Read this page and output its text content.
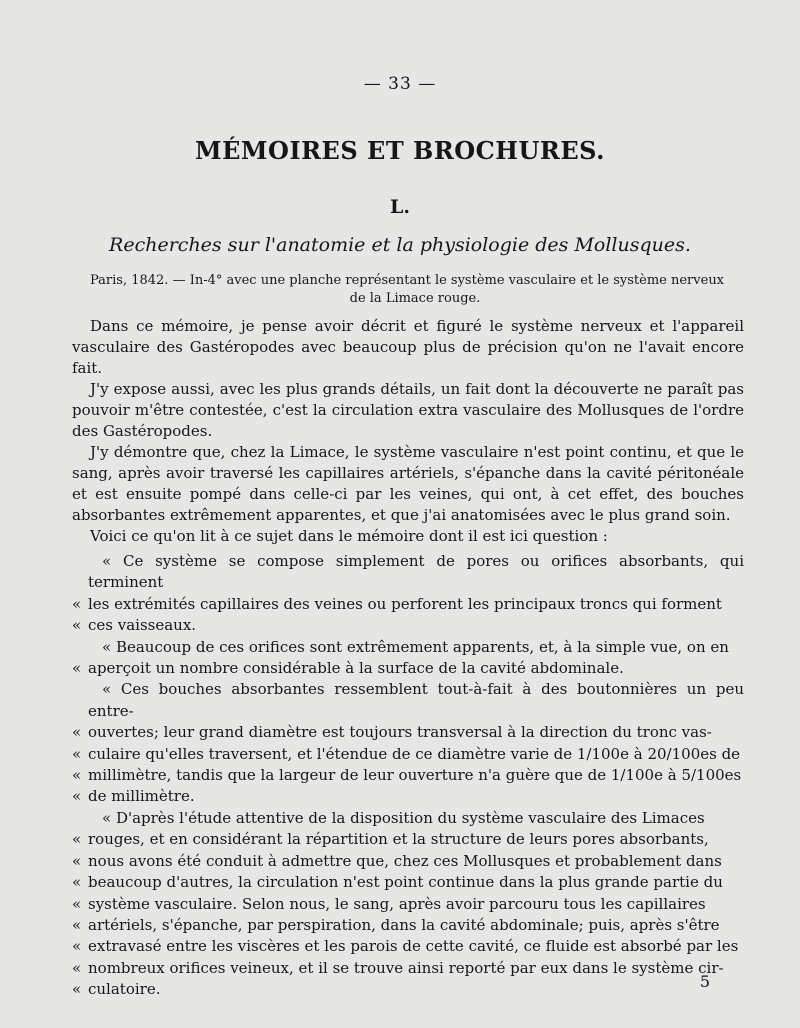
— 33 —
MÉMOIRES ET BROCHURES.
L.
Recherches sur l'anatomie et la physiologie des Mollusques.
Paris, 1842. — In-4° avec une planche représentant le système vasculaire et le système nerveux
de la Limace rouge.

Dans ce mémoire, je pense avoir décrit et figuré le système nerveux et l'appareil vasculaire des Gastéropodes avec beaucoup plus de précision qu'on ne l'avait encore fait.

J'y expose aussi, avec les plus grands détails, un fait dont la découverte ne paraît pas pouvoir m'être contestée, c'est la circulation extra vasculaire des Mollusques de l'ordre des Gastéropodes.

J'y démontre que, chez la Limace, le système vasculaire n'est point continu, et que le sang, après avoir traversé les capillaires artériels, s'épanche dans la cavité péritonéale et est ensuite pompé dans celle-ci par les veines, qui ont, à cet effet, des bouches absorbantes extrêmement apparentes, et que j'ai anatomisées avec le plus grand soin.

Voici ce qu'on lit à ce sujet dans le mémoire dont il est ici question :

« Ce système se compose simplement de pores ou orifices absorbants, qui terminent
« les extrémités capillaires des veines ou perforent les principaux troncs qui forment
« ces vaisseaux.
« Beaucoup de ces orifices sont extrêmement apparents, et, à la simple vue, on en
« aperçoit un nombre considérable à la surface de la cavité abdominale.
« Ces bouches absorbantes ressemblent tout-à-fait à des boutonnières un peu entre-
« ouvertes; leur grand diamètre est toujours transversal à la direction du tronc vas-
« culaire qu'elles traversent, et l'étendue de ce diamètre varie de 1/100e à 20/100es de
« millimètre, tandis que la largeur de leur ouverture n'a guère que de 1/100e à 5/100es
« de millimètre.
« D'après l'étude attentive de la disposition du système vasculaire des Limaces
« rouges, et en considérant la répartition et la structure de leurs pores absorbants,
« nous avons été conduit à admettre que, chez ces Mollusques et probablement dans
« beaucoup d'autres, la circulation n'est point continue dans la plus grande partie du
« système vasculaire. Selon nous, le sang, après avoir parcouru tous les capillaires
« artériels, s'épanche, par perspiration, dans la cavité abdominale; puis, après s'être
« extravasé entre les viscères et les parois de cette cavité, ce fluide est absorbé par les
« nombreux orifices veineux, et il se trouve ainsi reporté par eux dans le système cir-
« culatoire.	5
